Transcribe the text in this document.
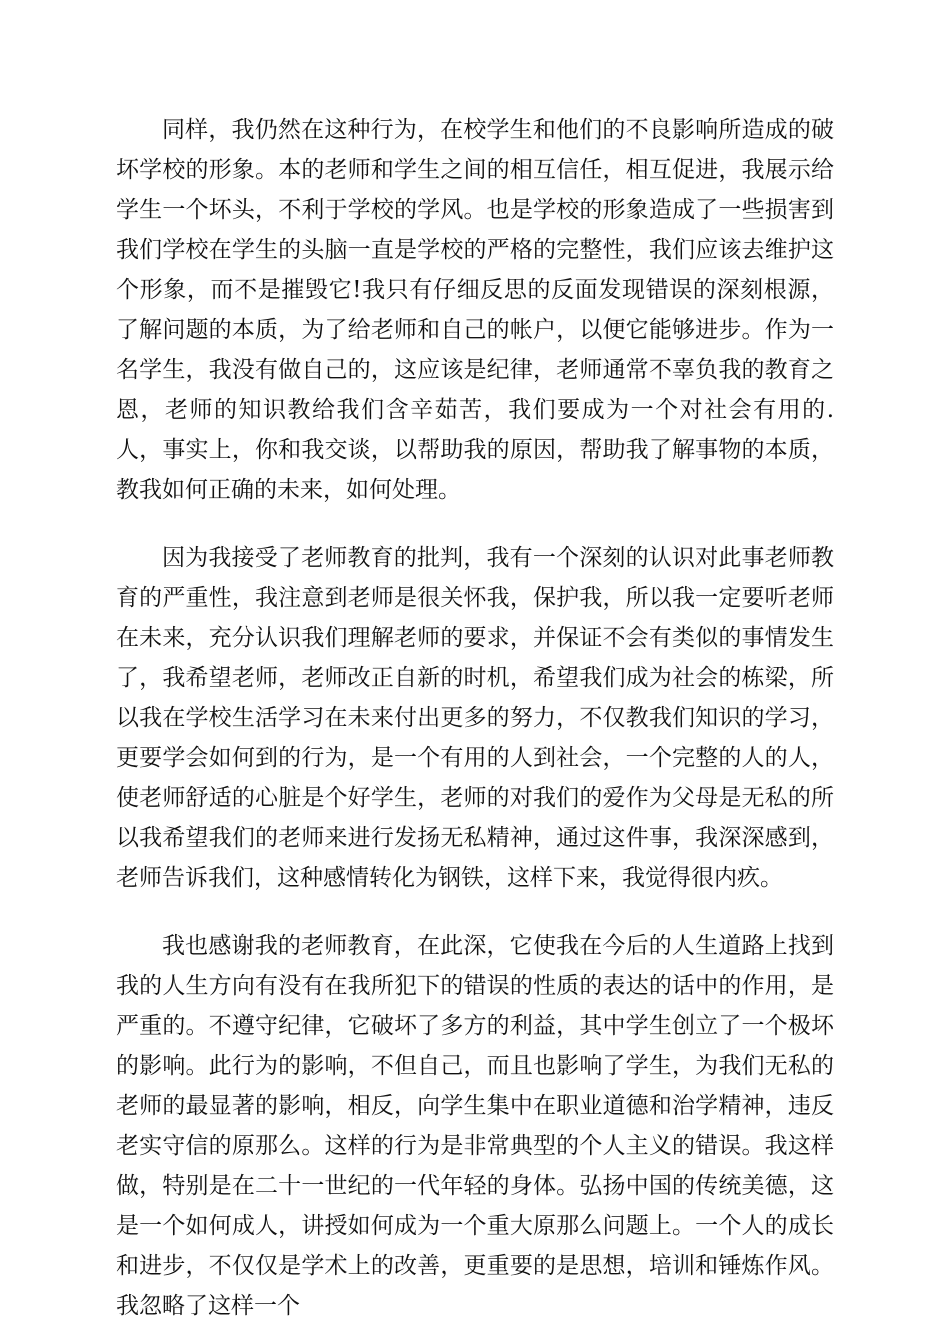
同样，我仍然在这种行为，在校学生和他们的不良影响所造成的破坏学校的形象。本的老师和学生之间的相互信任，相互促进，我展示给学生一个坏头，不利于学校的学风。也是学校的形象造成了一些损害到我们学校在学生的头脑一直是学校的严格的完整性，我们应该去维护这个形象，而不是摧毁它!我只有仔细反思的反面发现错误的深刻根源，了解问题的本质，为了给老师和自己的帐户，以便它能够进步。作为一名学生，我没有做自己的，这应该是纪律，老师通常不辜负我的教育之恩，老师的知识教给我们含辛茹苦，我们要成为一个对社会有用的.人，事实上，你和我交谈，以帮助我的原因，帮助我了解事物的本质，教我如何正确的未来，如何处理。

因为我接受了老师教育的批判，我有一个深刻的认识对此事老师教育的严重性，我注意到老师是很关怀我，保护我，所以我一定要听老师在未来，充分认识我们理解老师的要求，并保证不会有类似的事情发生了，我希望老师，老师改正自新的时机，希望我们成为社会的栋梁，所以我在学校生活学习在未来付出更多的努力，不仅教我们知识的学习，更要学会如何到的行为，是一个有用的人到社会，一个完整的人的人，使老师舒适的心脏是个好学生，老师的对我们的爱作为父母是无私的所以我希望我们的老师来进行发扬无私精神，通过这件事，我深深感到，老师告诉我们，这种感情转化为钢铁，这样下来，我觉得很内疚。

我也感谢我的老师教育，在此深，它使我在今后的人生道路上找到我的人生方向有没有在我所犯下的错误的性质的表达的话中的作用，是严重的。不遵守纪律，它破坏了多方的利益，其中学生创立了一个极坏的影响。此行为的影响，不但自己，而且也影响了学生，为我们无私的老师的最显著的影响，相反，向学生集中在职业道德和治学精神，违反老实守信的原那么。这样的行为是非常典型的个人主义的错误。我这样做，特别是在二十一世纪的一代年轻的身体。弘扬中国的传统美德，这是一个如何成人，讲授如何成为一个重大原那么问题上。一个人的成长和进步，不仅仅是学术上的改善，更重要的是思想，培训和锤炼作风。我忽略了这样一个
